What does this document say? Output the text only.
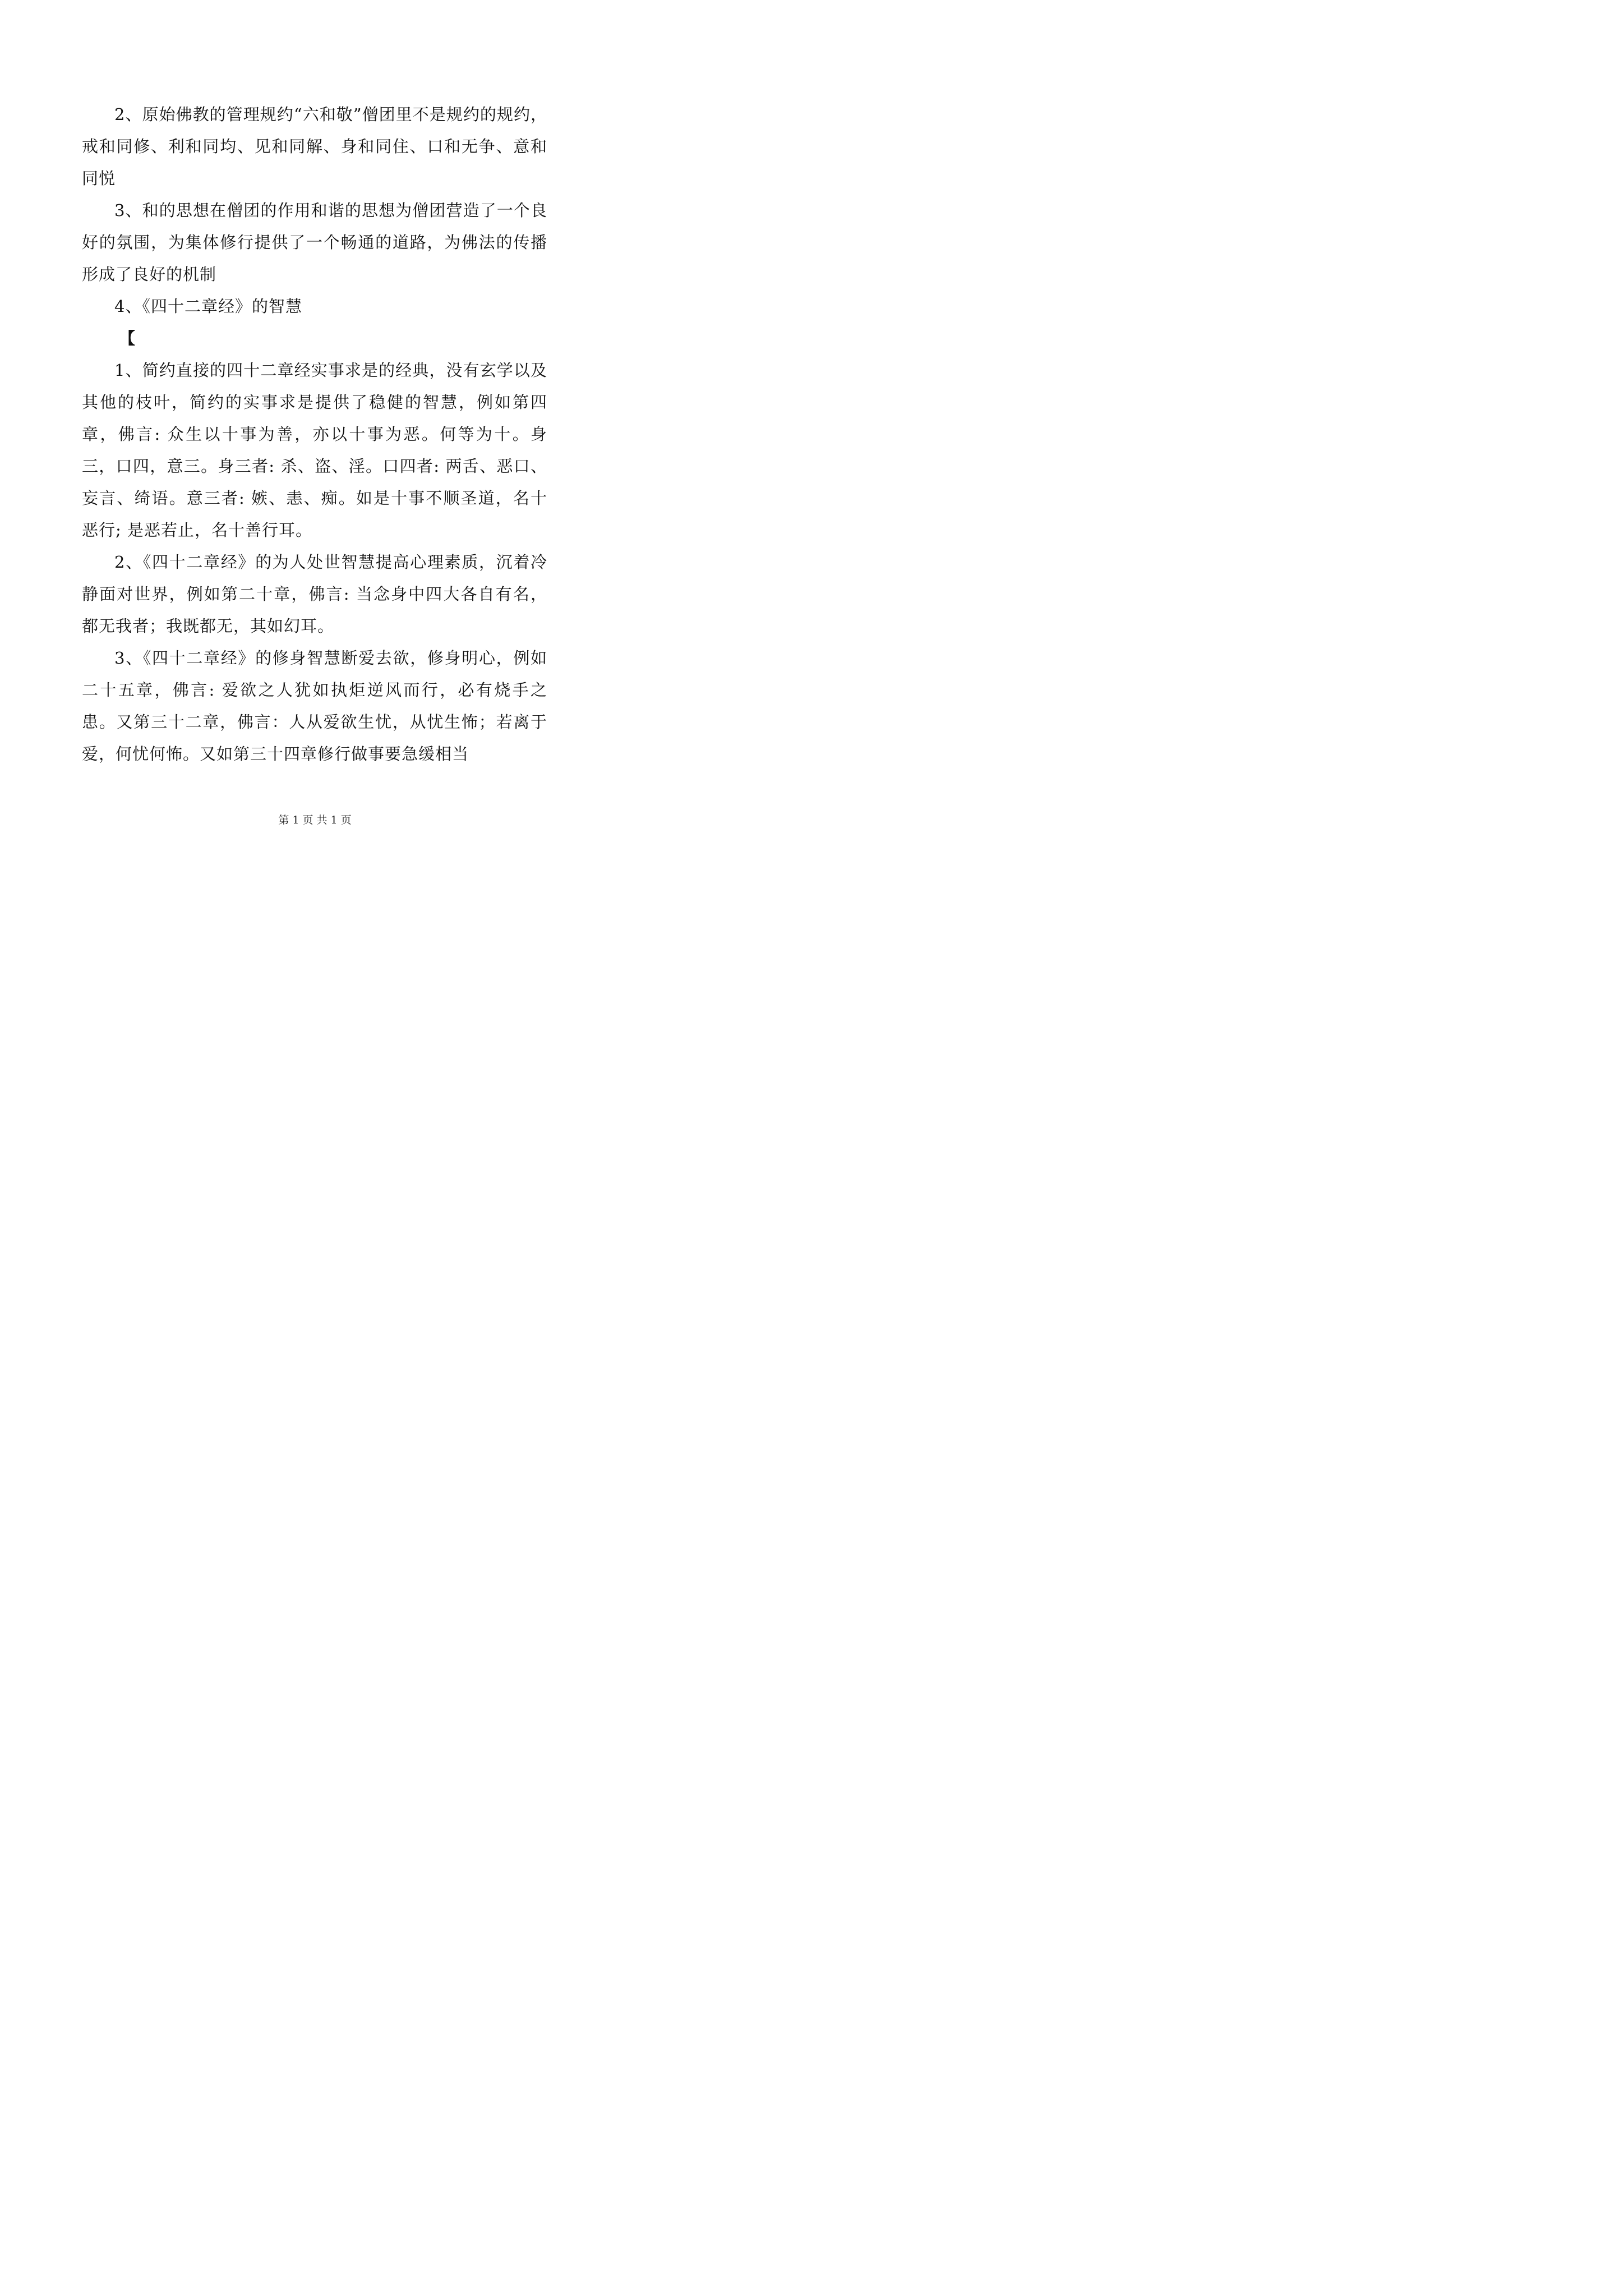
2、原始佛教的管理规约“六和敬”僧团里不是规约的规约，戒和同修、利和同均、见和同解、身和同住、口和无争、意和同悦

3、和的思想在僧团的作用和谐的思想为僧团营造了一个良好的氛围，为集体修行提供了一个畅通的道路，为佛法的传播形成了良好的机制

4、《四十二章经》的智慧

【

1、简约直接的四十二章经实事求是的经典，没有玄学以及其他的枝叶，简约的实事求是提供了稳健的智慧，例如第四章，佛言: 众生以十事为善，亦以十事为恶。何等为十。身三，口四，意三。身三者: 杀、盗、淫。口四者: 两舌、恶口、妄言、绮语。意三者: 嫉、恚、痴。如是十事不顺圣道，名十恶行; 是恶若止，名十善行耳。

2、《四十二章经》的为人处世智慧提高心理素质，沉着冷静面对世界，例如第二十章，佛言: 当念身中四大各自有名，都无我者；我既都无，其如幻耳。

3、《四十二章经》的修身智慧断爱去欲，修身明心，例如二十五章，佛言: 爱欲之人犹如执炬逆风而行，必有烧手之患。又第三十二章，佛言：人从爱欲生忧，从忧生怖；若离于爱，何忧何怖。又如第三十四章修行做事要急缓相当

第 1 页 共 1 页
